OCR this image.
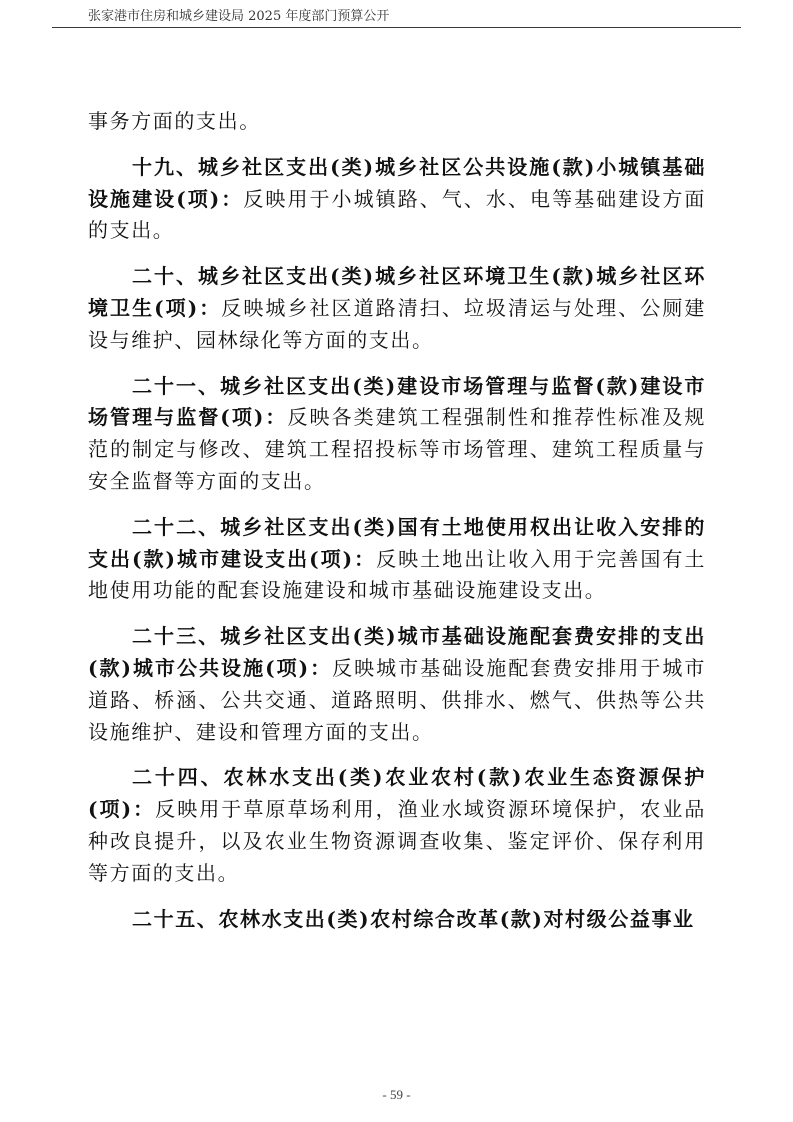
张家港市住房和城乡建设局 2025 年度部门预算公开

事务方面的支出。

十九、城乡社区支出(类)城乡社区公共设施(款)小城镇基础设施建设(项)：反映用于小城镇路、气、水、电等基础建设方面的支出。

二十、城乡社区支出(类)城乡社区环境卫生(款)城乡社区环境卫生(项)：反映城乡社区道路清扫、垃圾清运与处理、公厕建设与维护、园林绿化等方面的支出。

二十一、城乡社区支出(类)建设市场管理与监督(款)建设市场管理与监督(项)：反映各类建筑工程强制性和推荐性标准及规范的制定与修改、建筑工程招投标等市场管理、建筑工程质量与安全监督等方面的支出。

二十二、城乡社区支出(类)国有土地使用权出让收入安排的支出(款)城市建设支出(项)：反映土地出让收入用于完善国有土地使用功能的配套设施建设和城市基础设施建设支出。

二十三、城乡社区支出(类)城市基础设施配套费安排的支出(款)城市公共设施(项)：反映城市基础设施配套费安排用于城市道路、桥涵、公共交通、道路照明、供排水、燃气、供热等公共设施维护、建设和管理方面的支出。

二十四、农林水支出(类)农业农村(款)农业生态资源保护(项)：反映用于草原草场利用，渔业水域资源环境保护，农业品种改良提升，以及农业生物资源调查收集、鉴定评价、保存利用等方面的支出。

二十五、农林水支出(类)农村综合改革(款)对村级公益事业

- 59 -
